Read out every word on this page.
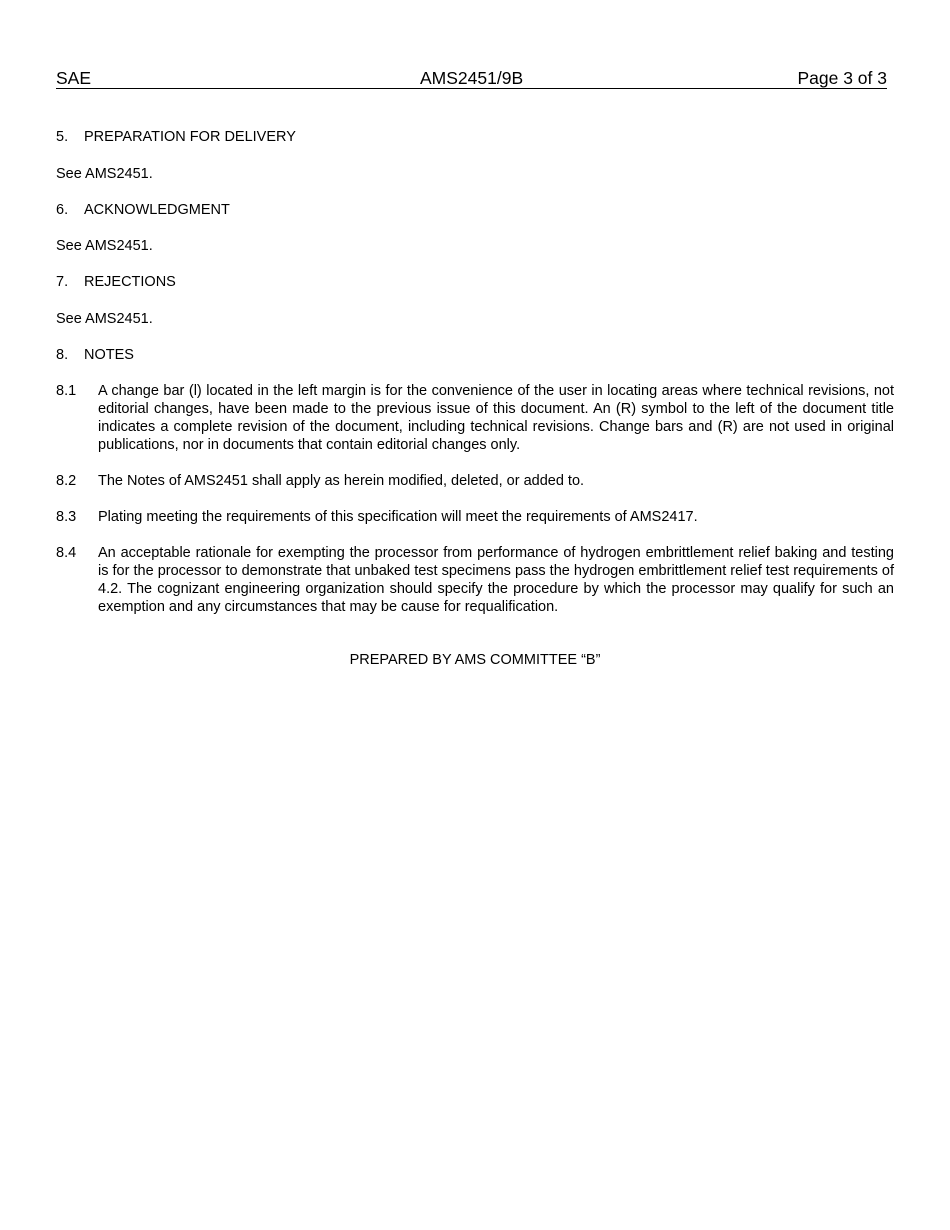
SAE	AMS2451/9B	Page 3 of 3
5. PREPARATION FOR DELIVERY
See AMS2451.
6. ACKNOWLEDGMENT
See AMS2451.
7. REJECTIONS
See AMS2451.
8. NOTES
8.1 A change bar (l) located in the left margin is for the convenience of the user in locating areas where technical revisions, not editorial changes, have been made to the previous issue of this document. An (R) symbol to the left of the document title indicates a complete revision of the document, including technical revisions. Change bars and (R) are not used in original publications, nor in documents that contain editorial changes only.
8.2 The Notes of AMS2451 shall apply as herein modified, deleted, or added to.
8.3 Plating meeting the requirements of this specification will meet the requirements of AMS2417.
8.4 An acceptable rationale for exempting the processor from performance of hydrogen embrittlement relief baking and testing is for the processor to demonstrate that unbaked test specimens pass the hydrogen embrittlement relief test requirements of 4.2. The cognizant engineering organization should specify the procedure by which the processor may qualify for such an exemption and any circumstances that may be cause for requalification.
PREPARED BY AMS COMMITTEE “B”
